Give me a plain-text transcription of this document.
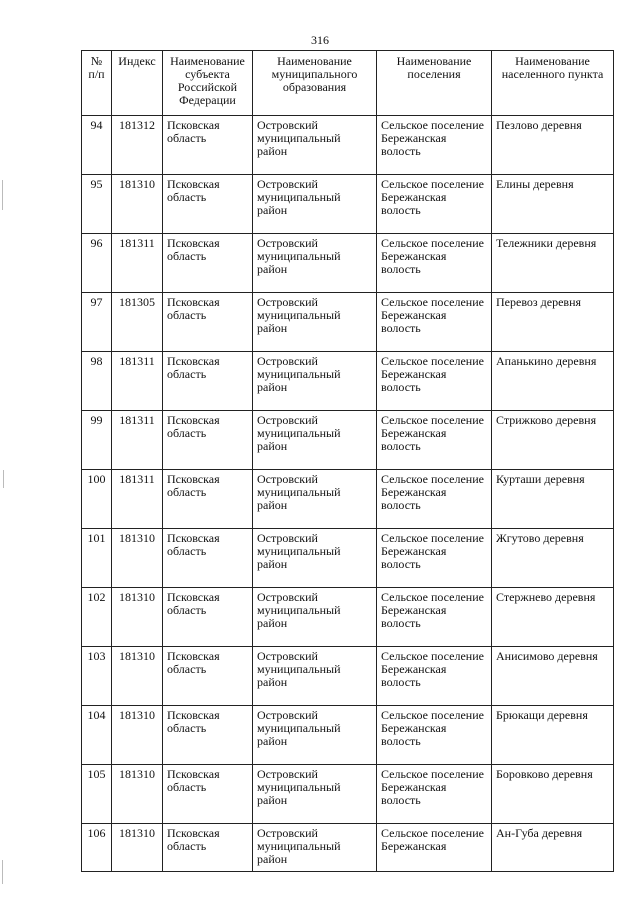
316
№ п/п	Индекс	Наименование субъекта Российской Федерации	Наименование муниципального образования	Наименование поселения	Наименование населенного пункта
94	181312	Псковская область	Островский муниципальный район	Сельское поселение Бережанская волость	Пезлово деревня
95	181310	Псковская область	Островский муниципальный район	Сельское поселение Бережанская волость	Елины деревня
96	181311	Псковская область	Островский муниципальный район	Сельское поселение Бережанская волость	Тележники деревня
97	181305	Псковская область	Островский муниципальный район	Сельское поселение Бережанская волость	Перевоз деревня
98	181311	Псковская область	Островский муниципальный район	Сельское поселение Бережанская волость	Апанькино деревня
99	181311	Псковская область	Островский муниципальный район	Сельское поселение Бережанская волость	Стрижково деревня
100	181311	Псковская область	Островский муниципальный район	Сельское поселение Бережанская волость	Курташи деревня
101	181310	Псковская область	Островский муниципальный район	Сельское поселение Бережанская волость	Жгутово деревня
102	181310	Псковская область	Островский муниципальный район	Сельское поселение Бережанская волость	Стержнево деревня
103	181310	Псковская область	Островский муниципальный район	Сельское поселение Бережанская волость	Анисимово деревня
104	181310	Псковская область	Островский муниципальный район	Сельское поселение Бережанская волость	Брюкащи деревня
105	181310	Псковская область	Островский муниципальный район	Сельское поселение Бережанская волость	Боровково деревня
106	181310	Псковская область	Островский муниципальный район	Сельское поселение Бережанская	Ан-Губа деревня
